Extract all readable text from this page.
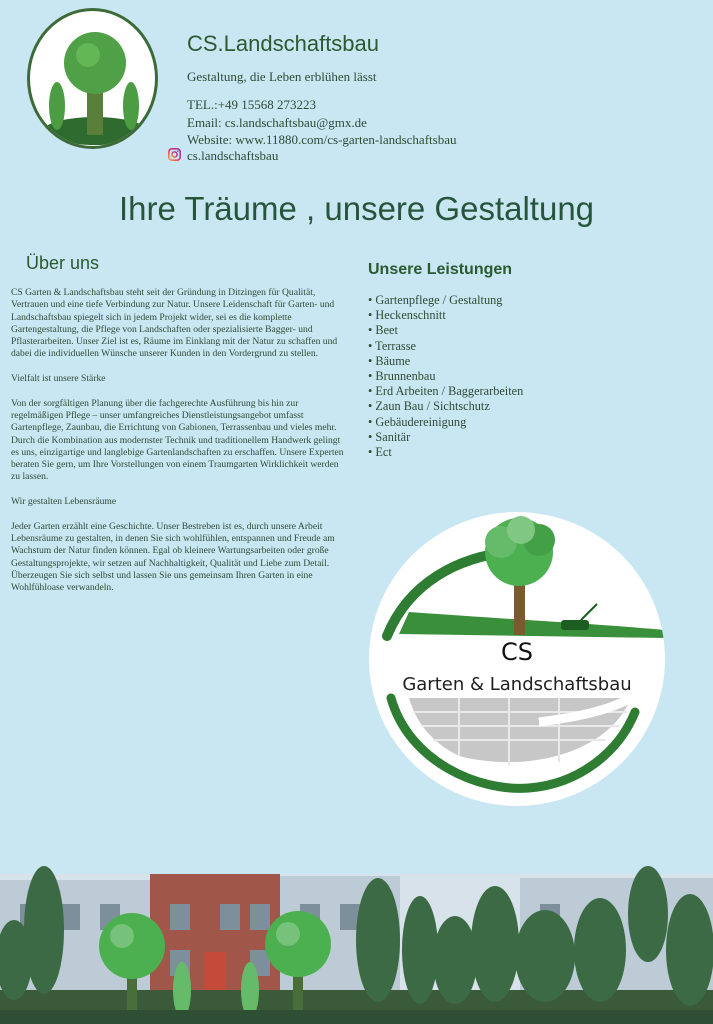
CS.Landschaftsbau
Gestaltung, die Leben erblühen lässt
TEL.:+49 15568 273223
Email: cs.landschaftsbau@gmx.de
Website: www.11880.com/cs-garten-landschaftsbau
cs.landschaftsbau
Ihre Träume , unsere Gestaltung
Über uns

CS Garten & Landschaftsbau steht seit der Gründung in Ditzingen für Qualität, Vertrauen und eine tiefe Verbindung zur Natur. Unsere Leidenschaft für Garten- und Landschaftsbau spiegelt sich in jedem Projekt wider, sei es die komplette Gartengestaltung, die Pflege von Landschaften oder spezialisierte Bagger- und Pflasterarbeiten. Unser Ziel ist es, Räume im Einklang mit der Natur zu schaffen und dabei die individuellen Wünsche unserer Kunden in den Vordergrund zu stellen.

Vielfalt ist unsere Stärke

Von der sorgfältigen Planung über die fachgerechte Ausführung bis hin zur regelmäßigen Pflege – unser umfangreiches Dienstleistungsangebot umfasst Gartenpflege, Zaunbau, die Errichtung von Gabionen, Terrassenbau und vieles mehr. Durch die Kombination aus modernster Technik und traditionellem Handwerk gelingt es uns, einzigartige und langlebige Gartenlandschaften zu erschaffen. Unsere Experten beraten Sie gern, um Ihre Vorstellungen von einem Traumgarten Wirklichkeit werden zu lassen.

Wir gestalten Lebensräume

Jeder Garten erzählt eine Geschichte. Unser Bestreben ist es, durch unsere Arbeit Lebensräume zu gestalten, in denen Sie sich wohlfühlen, entspannen und Freude am Wachstum der Natur finden können. Egal ob kleinere Wartungsarbeiten oder große Gestaltungsprojekte, wir setzen auf Nachhaltigkeit, Qualität und Liebe zum Detail. Überzeugen Sie sich selbst und lassen Sie uns gemeinsam Ihren Garten in eine Wohlfühloase verwandeln.

Unsere Leistungen
• Gartenpflege / Gestaltung
• Heckenschnitt
• Beet
• Terrasse
• Bäume
• Brunnenbau
• Erd Arbeiten / Baggerarbeiten
• Zaun Bau / Sichtschutz
• Gebäudereinigung
• Sanitär
• Ect
CS
Garten & Landschaftsbau
